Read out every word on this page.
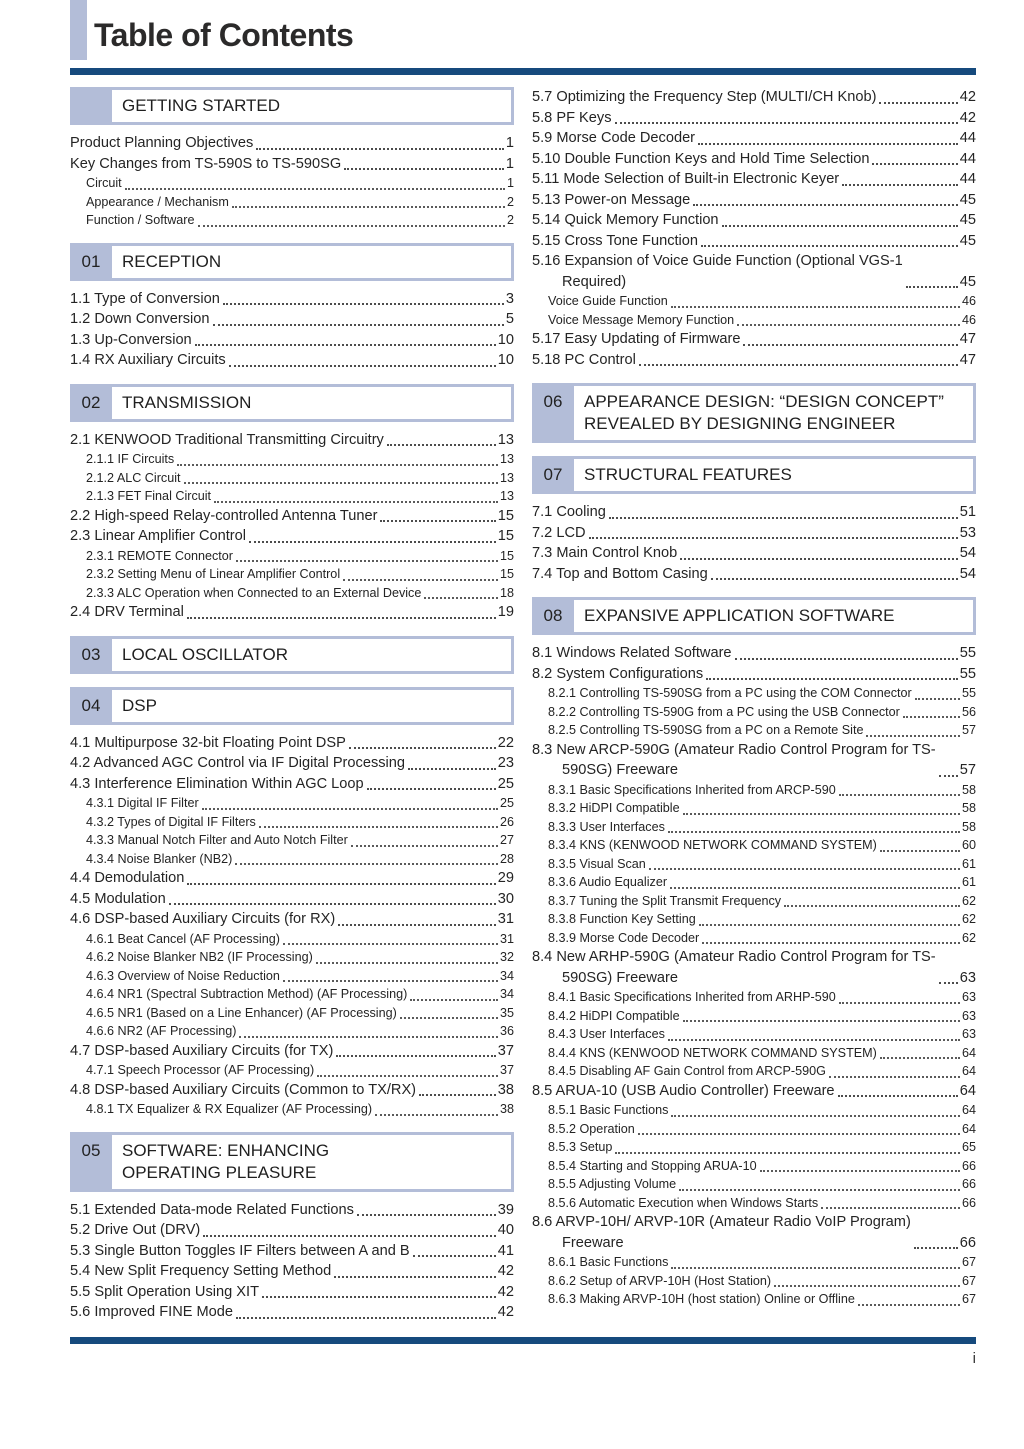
Table of Contents
GETTING STARTED
Product Planning Objectives	1
Key Changes from TS-590S to TS-590SG	1
Circuit	1
Appearance / Mechanism	2
Function / Software	2
01	RECEPTION
1.1 Type of Conversion	3
1.2 Down Conversion	5
1.3 Up-Conversion	10
1.4 RX Auxiliary Circuits	10
02	TRANSMISSION
2.1 KENWOOD Traditional Transmitting Circuitry	13
2.1.1 IF Circuits	13
2.1.2 ALC Circuit	13
2.1.3 FET Final Circuit	13
2.2 High-speed Relay-controlled Antenna Tuner	15
2.3 Linear Amplifier Control	15
2.3.1 REMOTE Connector	15
2.3.2 Setting Menu of Linear Amplifier Control	15
2.3.3 ALC Operation when Connected to an External Device	18
2.4 DRV Terminal	19
03	LOCAL OSCILLATOR
04	DSP
4.1 Multipurpose 32-bit Floating Point DSP	22
4.2 Advanced AGC Control via IF Digital Processing	23
4.3 Interference Elimination Within AGC Loop	25
4.3.1 Digital IF Filter	25
4.3.2 Types of Digital IF Filters	26
4.3.3 Manual Notch Filter and Auto Notch Filter	27
4.3.4 Noise Blanker (NB2)	28
4.4 Demodulation	29
4.5 Modulation	30
4.6 DSP-based Auxiliary Circuits (for RX)	31
4.6.1 Beat Cancel (AF Processing)	31
4.6.2 Noise Blanker NB2 (IF Processing)	32
4.6.3 Overview of Noise Reduction	34
4.6.4 NR1 (Spectral Subtraction Method) (AF Processing)	34
4.6.5 NR1 (Based on a Line Enhancer) (AF Processing)	35
4.6.6 NR2 (AF Processing)	36
4.7 DSP-based Auxiliary Circuits (for TX)	37
4.7.1 Speech Processor (AF Processing)	37
4.8 DSP-based Auxiliary Circuits (Common to TX/RX)	38
4.8.1 TX Equalizer & RX Equalizer (AF Processing)	38
05	SOFTWARE: ENHANCING
OPERATING PLEASURE
5.1 Extended Data-mode Related Functions	39
5.2 Drive Out (DRV)	40
5.3 Single Button Toggles IF Filters between A and B	41
5.4 New Split Frequency Setting Method	42
5.5 Split Operation Using XIT	42
5.6 Improved FINE Mode	42
5.7 Optimizing the Frequency Step (MULTI/CH Knob)	42
5.8 PF Keys	42
5.9 Morse Code Decoder	44
5.10 Double Function Keys and Hold Time Selection	44
5.11 Mode Selection of Built-in Electronic Keyer	44
5.13 Power-on Message	45
5.14 Quick Memory Function	45
5.15 Cross Tone Function	45
5.16 Expansion of Voice Guide Function (Optional VGS-1
Required)	45
Voice Guide Function	46
Voice Message Memory Function	46
5.17 Easy Updating of Firmware	47
5.18 PC Control	47
06	APPEARANCE DESIGN: “DESIGN CONCEPT”
REVEALED BY DESIGNING ENGINEER
07	STRUCTURAL FEATURES
7.1 Cooling	51
7.2 LCD	53
7.3 Main Control Knob	54
7.4 Top and Bottom Casing	54
08	EXPANSIVE APPLICATION SOFTWARE
8.1 Windows Related Software	55
8.2 System Configurations	55
8.2.1 Controlling TS-590SG from a PC using the COM Connector	55
8.2.2 Controlling TS-590G from a PC using the USB Connector	56
8.2.5 Controlling TS-590SG from a PC on a Remote Site	57
8.3 New ARCP-590G (Amateur Radio Control Program for TS-
590SG) Freeware	57
8.3.1 Basic Specifications Inherited from ARCP-590	58
8.3.2 HiDPI Compatible	58
8.3.3 User Interfaces	58
8.3.4 KNS (KENWOOD NETWORK COMMAND SYSTEM)	60
8.3.5 Visual Scan	61
8.3.6 Audio Equalizer	61
8.3.7 Tuning the Split Transmit Frequency	62
8.3.8 Function Key Setting	62
8.3.9 Morse Code Decoder	62
8.4 New ARHP-590G (Amateur Radio Control Program for TS-
590SG) Freeware	63
8.4.1 Basic Specifications Inherited from ARHP-590	63
8.4.2 HiDPI Compatible	63
8.4.3 User Interfaces	63
8.4.4 KNS (KENWOOD NETWORK COMMAND SYSTEM)	64
8.4.5 Disabling AF Gain Control from ARCP-590G	64
8.5 ARUA-10 (USB Audio Controller) Freeware	64
8.5.1 Basic Functions	64
8.5.2 Operation	64
8.5.3 Setup	65
8.5.4 Starting and Stopping ARUA-10	66
8.5.5 Adjusting Volume	66
8.5.6 Automatic Execution when Windows Starts	66
8.6 ARVP-10H/ ARVP-10R (Amateur Radio VoIP Program)
Freeware	66
8.6.1 Basic Functions	67
8.6.2 Setup of ARVP-10H (Host Station)	67
8.6.3 Making ARVP-10H (host station) Online or Offline	67
i
